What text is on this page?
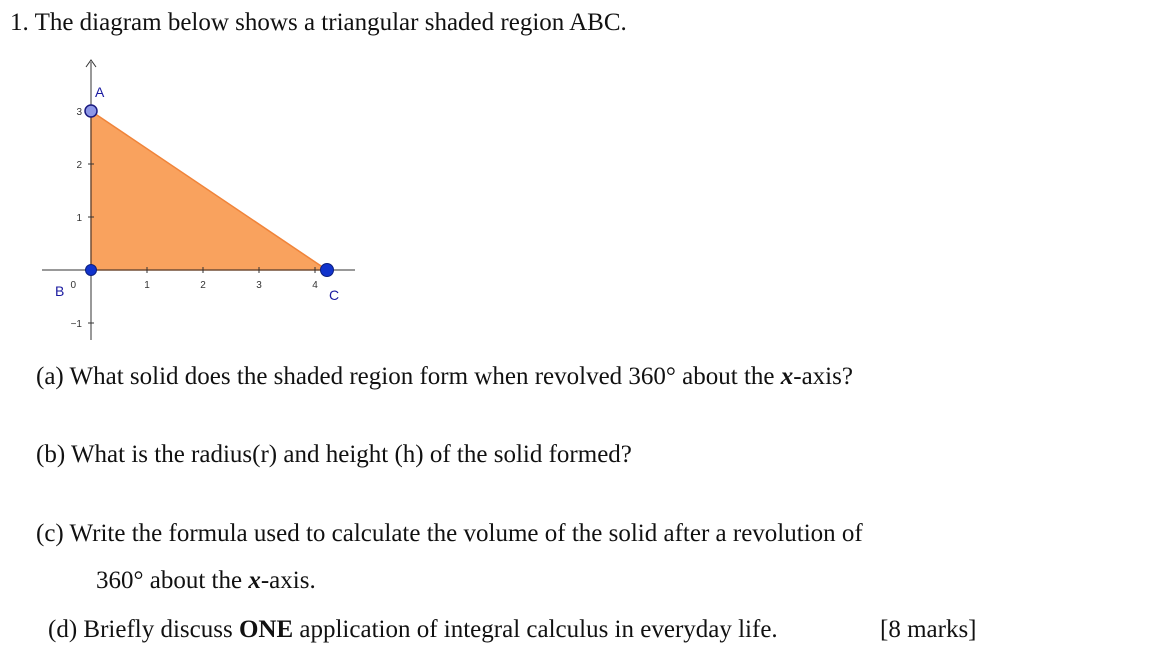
1. The diagram below shows a triangular shaded region ABC.
1	2	3	4
3
2
1
−1
0
A
B	C
(a) What solid does the shaded region form when revolved 360° about the x-axis?
(b) What is the radius(r) and height (h) of the solid formed?
(c) Write the formula used to calculate the volume of the solid after a revolution of
360° about the x-axis.
(d) Briefly discuss ONE application of integral calculus in everyday life.	[8 marks]
